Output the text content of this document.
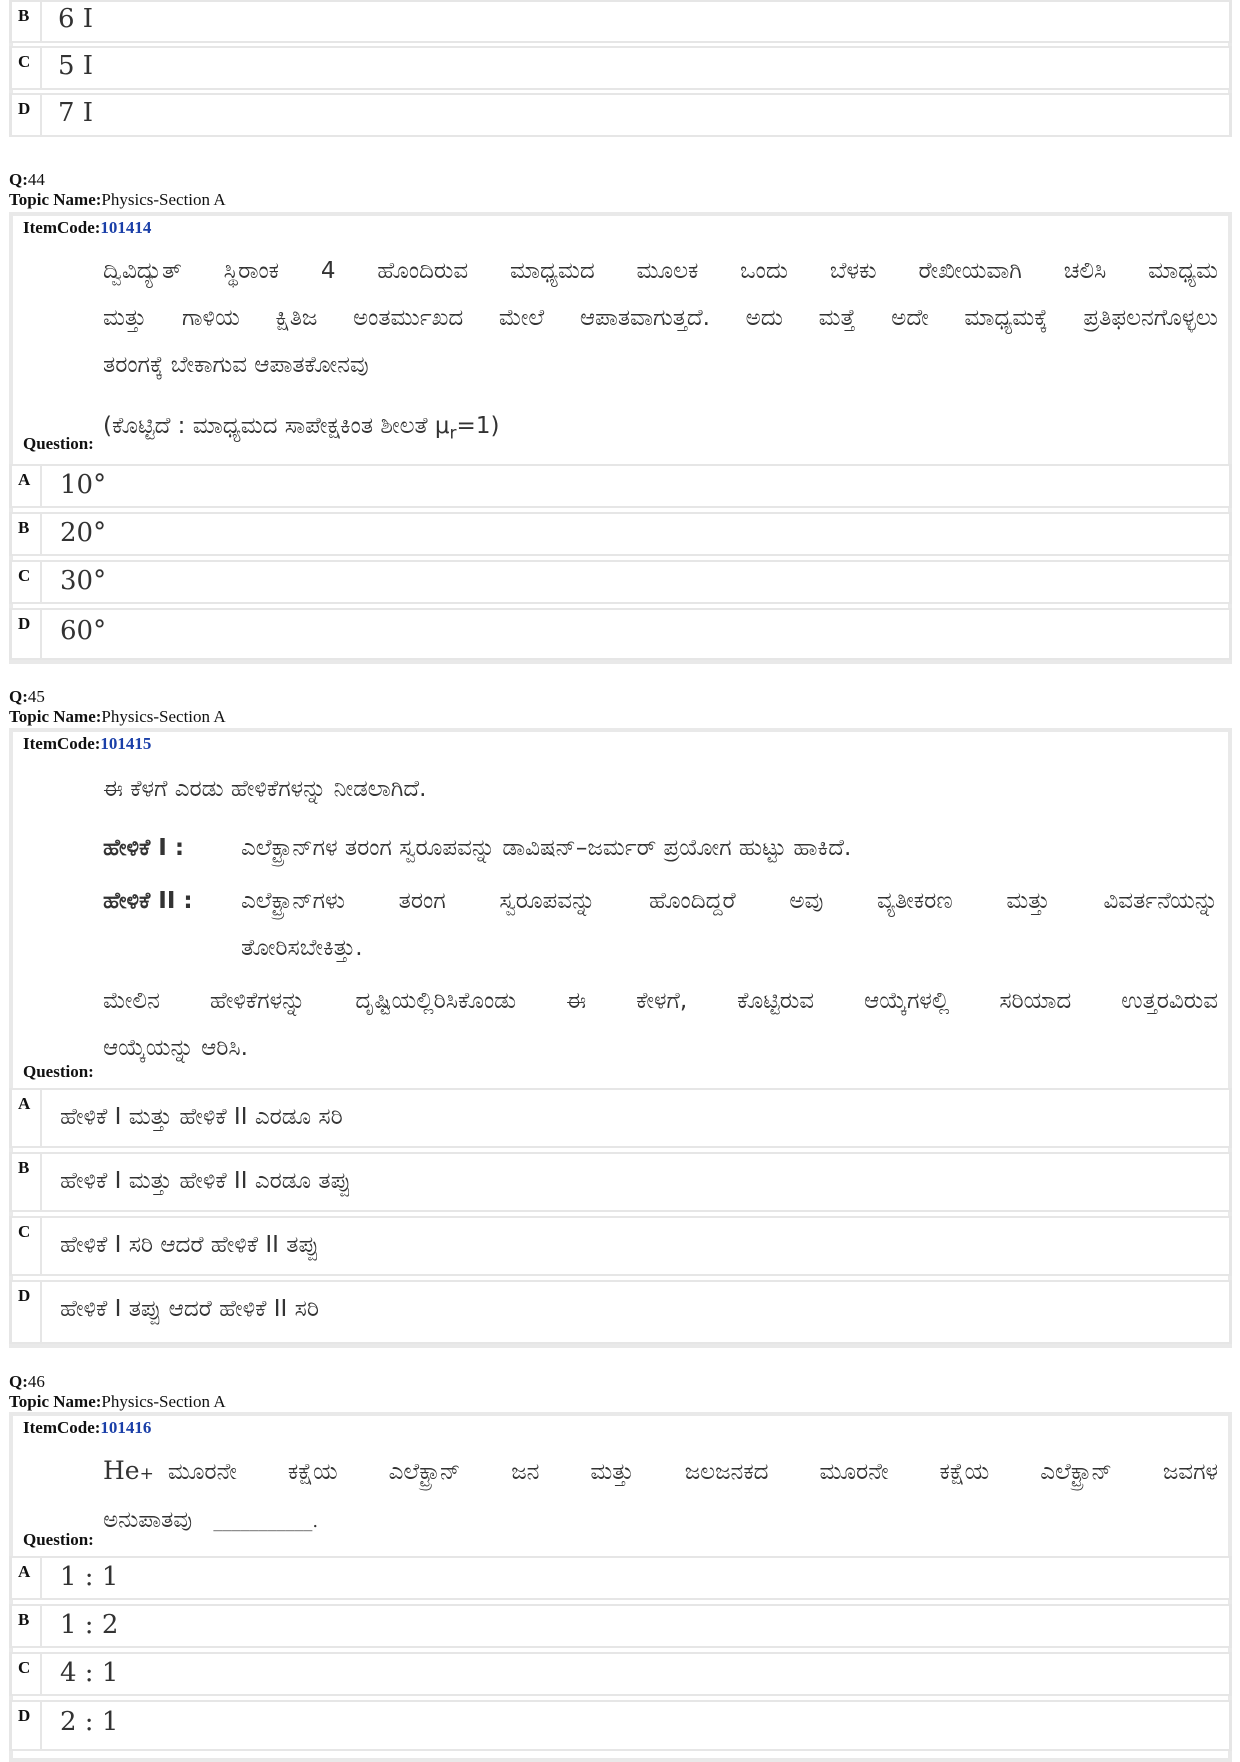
B 6 I
C 5 I
D 7 I
Q:44
Topic Name:Physics-Section A
ItemCode:101414
ದ್ವಿವಿದ್ಯುತ್ ಸ್ಥಿರಾಂಕ 4 ಹೊಂದಿರುವ ಮಾಧ್ಯಮದ ಮೂಲಕ ಒಂದು ಬೆಳಕು ರೇಖೀಯವಾಗಿ ಚಲಿಸಿ ಮಾಧ್ಯಮ
ಮತ್ತು ಗಾಳಿಯ ಕ್ಷಿತಿಜ ಅಂತರ್ಮುಖದ ಮೇಲೆ ಆಪಾತವಾಗುತ್ತದೆ. ಅದು ಮತ್ತೆ ಅದೇ ಮಾಧ್ಯಮಕ್ಕೆ ಪ್ರತಿಫಲನಗೊಳ್ಳಲು
ತರಂಗಕ್ಕೆ ಬೇಕಾಗುವ ಆಪಾತಕೋನವು
(ಕೊಟ್ಟಿದೆ : ಮಾಧ್ಯಮದ ಸಾಪೇಕ್ಷಕಿಂತ ಶೀಲತೆ $\mu_r=1$)
Question:
A 10°
B 20°
C 30°
D 60°
Q:45
Topic Name:Physics-Section A
ItemCode:101415
ಈ ಕೆಳಗೆ ಎರಡು ಹೇಳಿಕೆಗಳನ್ನು ನೀಡಲಾಗಿದೆ.
ಹೇಳಿಕೆ I :	ಎಲೆಕ್ಟ್ರಾನ್‌ಗಳ ತರಂಗ ಸ್ವರೂಪವನ್ನು ಡಾವಿಷನ್–ಜರ್ಮರ್ ಪ್ರಯೋಗ ಹುಟ್ಟು ಹಾಕಿದೆ.
ಹೇಳಿಕೆ II :	ಎಲೆಕ್ಟ್ರಾನ್‌ಗಳು ತರಂಗ ಸ್ವರೂಪವನ್ನು ಹೊಂದಿದ್ದರೆ ಅವು ವ್ಯತೀಕರಣ ಮತ್ತು ವಿವರ್ತನೆಯನ್ನು
ತೋರಿಸಬೇಕಿತ್ತು.
ಮೇಲಿನ ಹೇಳಿಕೆಗಳನ್ನು ದೃಷ್ಟಿಯಲ್ಲಿರಿಸಿಕೊಂಡು ಈ ಕೇಳಗೆ, ಕೊಟ್ಟಿರುವ ಆಯ್ಕೆಗಳಲ್ಲಿ ಸರಿಯಾದ ಉತ್ತರವಿರುವ
ಆಯ್ಕೆಯನ್ನು ಆರಿಸಿ.
Question:
A
ಹೇಳಿಕೆ I ಮತ್ತು ಹೇಳಿಕೆ II ಎರಡೂ ಸರಿ
B
ಹೇಳಿಕೆ I ಮತ್ತು ಹೇಳಿಕೆ II ಎರಡೂ ತಪ್ಪು
C
ಹೇಳಿಕೆ I ಸರಿ ಆದರೆ ಹೇಳಿಕೆ II ತಪ್ಪು
D
ಹೇಳಿಕೆ I ತಪ್ಪು ಆದರೆ ಹೇಳಿಕೆ II ಸರಿ
Q:46
Topic Name:Physics-Section A
ItemCode:101416
He + ಮೂರನೇ ಕಕ್ಷೆಯ ಎಲೆಕ್ಟ್ರಾನ್ ಜನ ಮತ್ತು ಜಲಜನಕದ ಮೂರನೇ ಕಕ್ಷೆಯ ಎಲೆಕ್ಟ್ರಾನ್ ಜವಗಳ
ಅನುಪಾತವು ___________.
Question:
A 1 : 1
B 1 : 2
C 4 : 1
D 2 : 1
